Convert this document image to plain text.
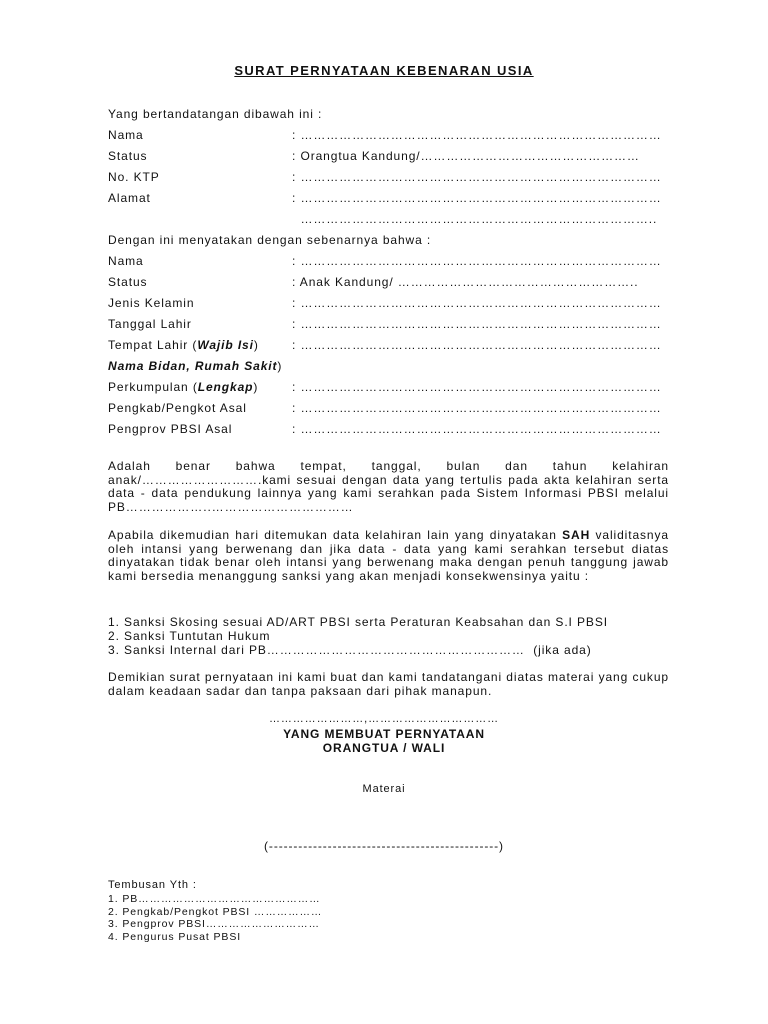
SURAT PERNYATAAN KEBENARAN USIA
Yang bertandatangan dibawah ini :
Nama	: …………………………………………………………………………
Status	: Orangtua Kandung/……………………………………………
No. KTP	: …………………………………………………………………………
Alamat	: …………………………………………………………………………
………………………………………………………………………..
Dengan ini menyatakan dengan sebenarnya bahwa :
Nama	: …………………………………………………………………………
Status	: Anak Kandung/ ………………………………………………..
Jenis Kelamin	: …………………………………………………………………………
Tanggal Lahir	: …………………………………………………………………………
Tempat Lahir (Wajib Isi)	: …………………………………………………………………………
Nama Bidan, Rumah Sakit)
Perkumpulan (Lengkap)	: …………………………………………………………………………
Pengkab/Pengkot Asal	: …………………………………………………………………………
Pengprov PBSI Asal	: …………………………………………………………………………
Adalah benar bahwa tempat, tanggal, bulan dan tahun kelahiran anak/……………………….kami sesuai dengan data yang tertulis pada akta kelahiran serta data - data pendukung lainnya yang kami serahkan pada Sistem Informasi PBSI melalui PB………………..……………………………
Apabila dikemudian hari ditemukan data kelahiran lain yang dinyatakan SAH validitasnya oleh intansi yang berwenang dan jika data - data yang kami serahkan tersebut diatas dinyatakan tidak benar oleh intansi yang berwenang maka dengan penuh tanggung jawab kami bersedia menanggung sanksi yang akan menjadi konsekwensinya yaitu :
1. Sanksi Skosing sesuai AD/ART PBSI serta Peraturan Keabsahan dan S.I PBSI
2. Sanksi Tuntutan Hukum
3. Sanksi Internal dari PB……………………………………………………  (jika ada)
Demikian surat pernyataan ini kami buat dan kami tandatangani diatas materai yang cukup dalam keadaan sadar dan tanpa paksaan dari pihak manapun.
……………………,……………………………
YANG MEMBUAT PERNYATAAN
ORANGTUA / WALI
Materai
(-----------------------------------------------)
Tembusan Yth :
1. PB…………………………………………
2. Pengkab/Pengkot PBSI ………………
3. Pengprov PBSI…………………………
4. Pengurus Pusat PBSI
